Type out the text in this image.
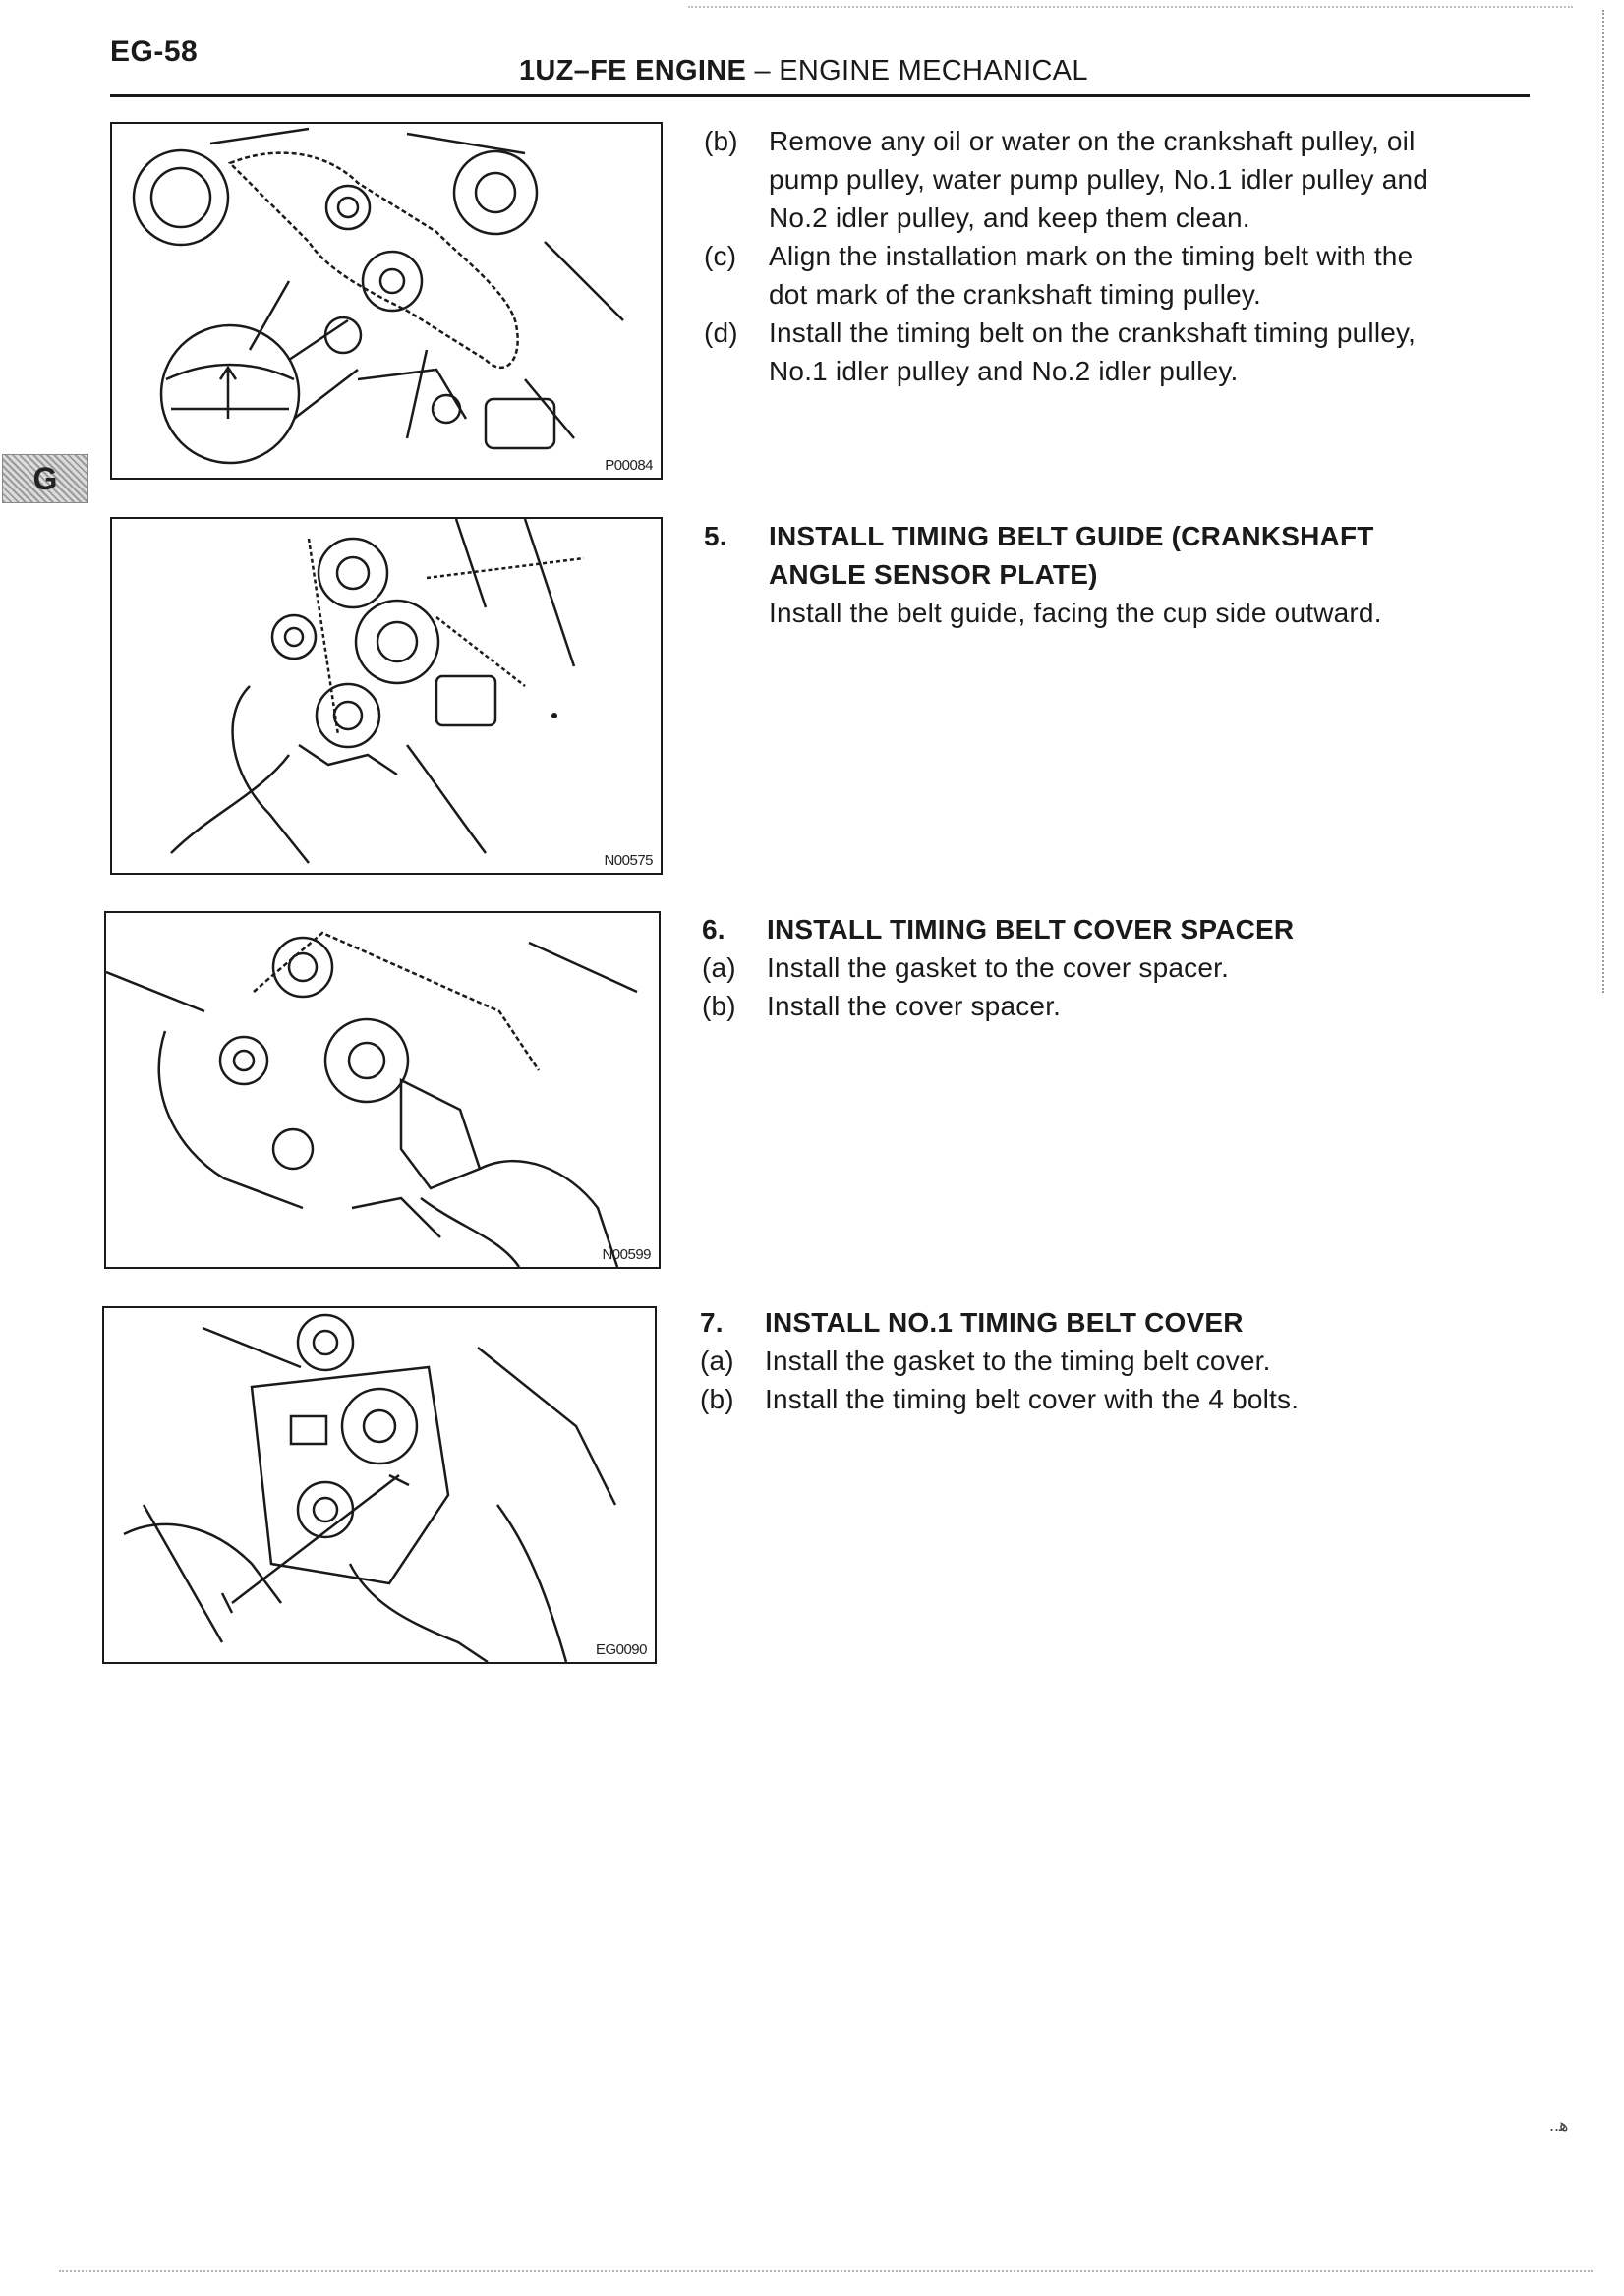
..ﻫ
EG-58
1UZ–FE ENGINE – ENGINE MECHANICAL
G	P00084
N00575
N00599
EG0090
(b)	Remove any oil or water on the crankshaft pulley, oil
pump pulley, water pump pulley, No.1 idler pulley and
No.2 idler pulley, and keep them clean.
(c)	Align the installation mark on the timing belt with the
dot mark of the crankshaft timing pulley.
(d)	Install the timing belt on the crankshaft timing pulley,
No.1 idler pulley and No.2 idler pulley.
5.	INSTALL TIMING BELT GUIDE (CRANKSHAFT
ANGLE SENSOR PLATE)
Install the belt guide, facing the cup side outward.
6.	INSTALL TIMING BELT COVER SPACER
(a)	Install the gasket to the cover spacer.
(b)	Install the cover spacer.
7.	INSTALL NO.1 TIMING BELT COVER
(a)	Install the gasket to the timing belt cover.
(b)	Install the timing belt cover with the 4 bolts.
